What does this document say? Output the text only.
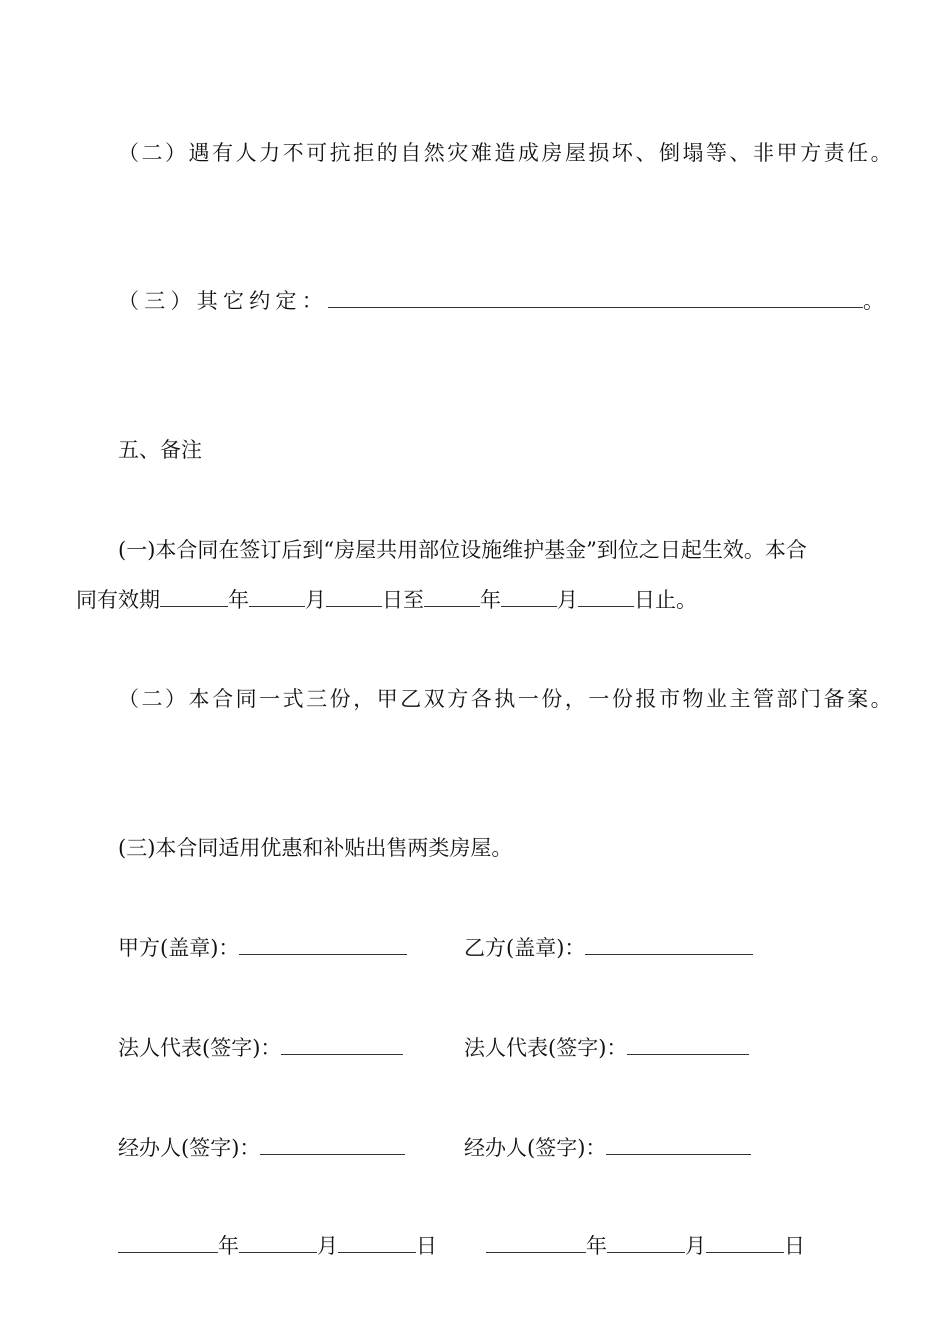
（二）遇有人力不可抗拒的自然灾难造成房屋损坏、倒塌等、非甲方责任。
（三）其它约定：	。
五、备注
(一)本合同在签订后到“房屋共用部位设施维护基金”到位之日起生效。本合
同有效期	年	月	日至	年	月	日止。
（二）本合同一式三份，甲乙双方各执一份，一份报市物业主管部门备案。
(三)本合同适用优惠和补贴出售两类房屋。
甲方(盖章)：	乙方(盖章)：
法人代表(签字)：	法人代表(签字)：
经办人(签字)：	经办人(签字)：
年	月	日	年	月	日
